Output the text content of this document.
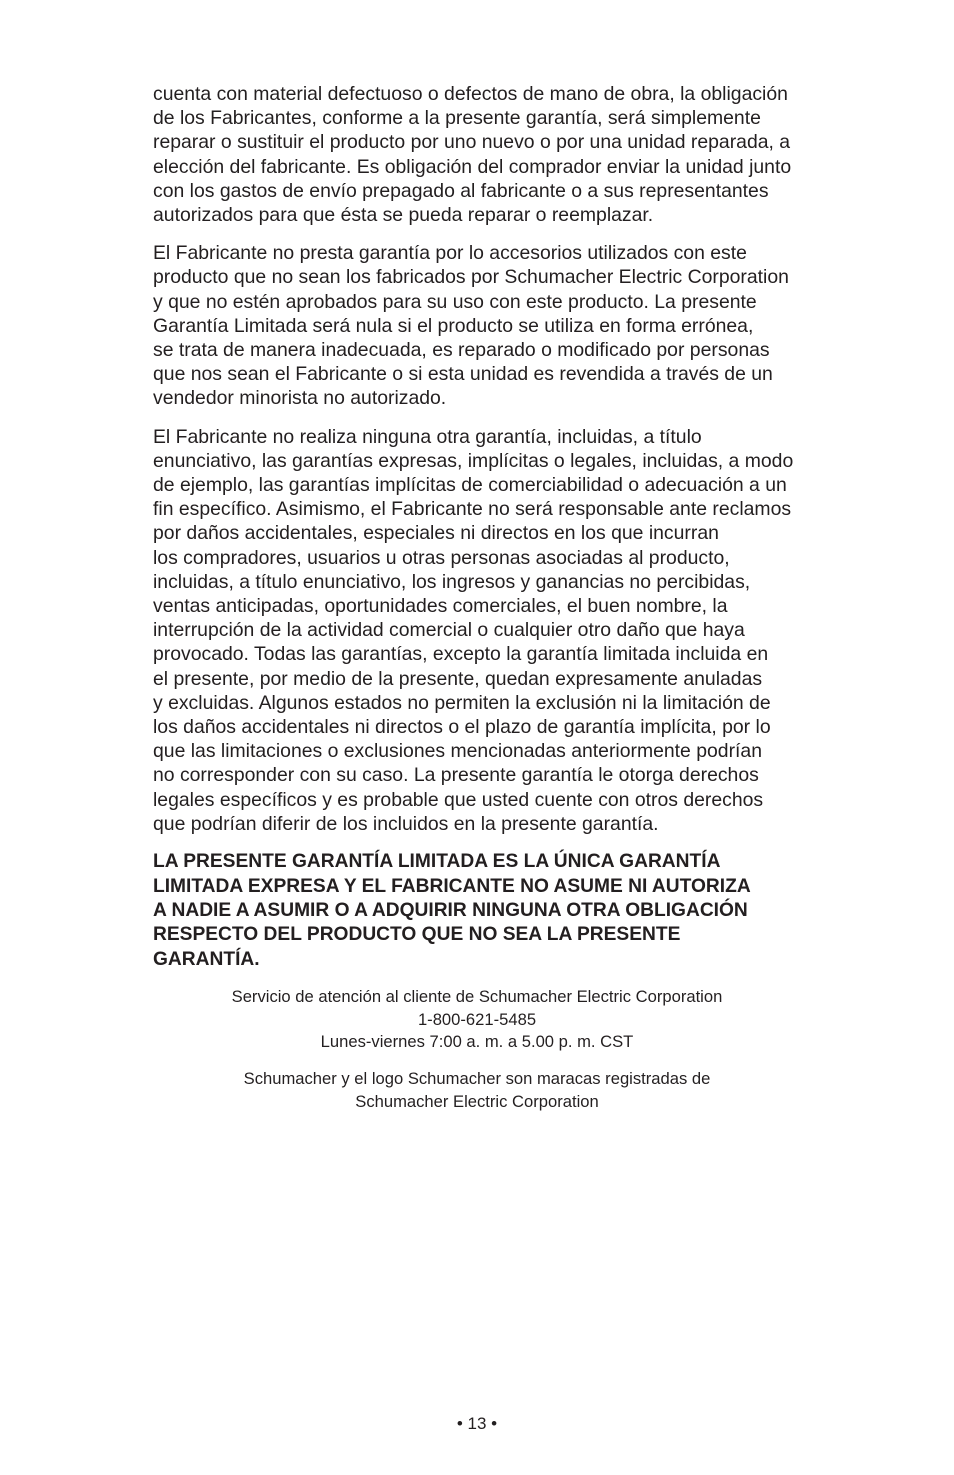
cuenta con material defectuoso o defectos de mano de obra, la obligación
de los Fabricantes, conforme a la presente garantía, será simplemente
reparar o sustituir el producto por uno nuevo o por una unidad reparada, a
elección del fabricante. Es obligación del comprador enviar la unidad junto
con los gastos de envío prepagado al fabricante o a sus representantes
autorizados para que ésta se pueda reparar o reemplazar.
El Fabricante no presta garantía por lo accesorios utilizados con este
producto que no sean los fabricados por Schumacher Electric Corporation
y que no estén aprobados para su uso con este producto. La presente
Garantía Limitada será nula si el producto se utiliza en forma errónea,
se trata de manera inadecuada, es reparado o modificado por personas
que nos sean el Fabricante o si esta unidad es revendida a través de un
vendedor minorista no autorizado.
El Fabricante no realiza ninguna otra garantía, incluidas, a título
enunciativo, las garantías expresas, implícitas o legales, incluidas, a modo
de ejemplo, las garantías implícitas de comerciabilidad o adecuación a un
fin específico. Asimismo, el Fabricante no será responsable ante reclamos
por daños accidentales, especiales ni directos en los que incurran
los compradores, usuarios u otras personas asociadas al producto,
incluidas, a título enunciativo, los ingresos y ganancias no percibidas,
ventas anticipadas, oportunidades comerciales, el buen nombre, la
interrupción de la actividad comercial o cualquier otro daño que haya
provocado. Todas las garantías, excepto la garantía limitada incluida en
el presente, por medio de la presente, quedan expresamente anuladas
y excluidas. Algunos estados no permiten la exclusión ni la limitación de
los daños accidentales ni directos o el plazo de garantía implícita, por lo
que las limitaciones o exclusiones mencionadas anteriormente podrían
no corresponder con su caso. La presente garantía le otorga derechos
legales específicos y es probable que usted cuente con otros derechos
que podrían diferir de los incluidos en la presente garantía.
LA PRESENTE GARANTÍA LIMITADA ES LA ÚNICA GARANTÍA
LIMITADA EXPRESA Y EL FABRICANTE NO ASUME NI AUTORIZA
A NADIE A ASUMIR O A ADQUIRIR NINGUNA OTRA OBLIGACIÓN
RESPECTO DEL PRODUCTO QUE NO SEA LA PRESENTE
GARANTÍA.
Servicio de atención al cliente de Schumacher Electric Corporation
1-800-621-5485
Lunes-viernes 7:00 a. m. a 5.00 p. m. CST
Schumacher y el logo Schumacher son maracas registradas de
Schumacher Electric Corporation
• 13 •
